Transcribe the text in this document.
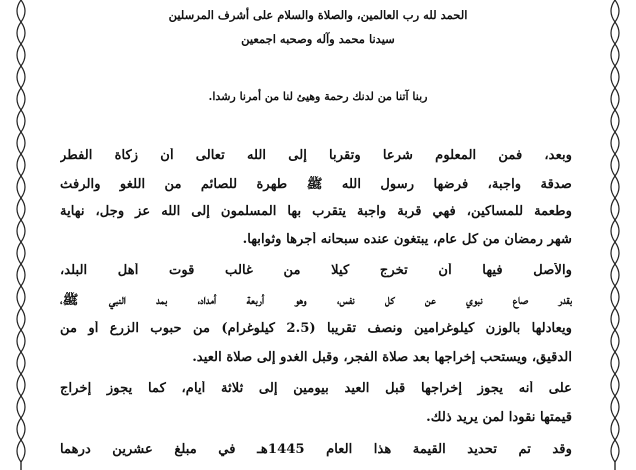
الحمد لله رب العالمين، والصلاة والسلام على أشرف المرسلين
سيدنا محمد وآله وصحبه اجمعين
ربنا آتنا من لدنك رحمة وهيئ لنا من أمرنا رشدا.
وبعد، فمن المعلوم شرعا وتقربا إلى الله تعالى أن زكاة الفطر
صدقة واجبة، فرضها رسول الله ﷺ طهرة للصائم من اللغو والرفث
وطعمة للمساكين، فهي قربة واجبة يتقرب بها المسلمون إلى الله عز وجل، نهاية
شهر رمضان من كل عام، يبتغون عنده سبحانه أجرها وثوابها.
والأصل فيها أن تخرج كيلا من غالب قوت أهل البلد،
بقدر صاع نبوي عن كل نفس، وهو أربعة أمداد، بمد النبي ﷺ،
ويعادلها بالوزن كيلوغرامين ونصف تقريبا (2.5 كيلوغرام) من حبوب الزرع أو من
الدقيق، ويستحب إخراجها بعد صلاة الفجر، وقبل الغدو إلى صلاة العيد.
على أنه يجوز إخراجها قبل العيد بيومين إلى ثلاثة أيام، كما يجوز إخراج
قيمتها نقودا لمن يريد ذلك.
وقد تم تحديد القيمة هذا العام 1445هـ في مبلغ عشرين درهما
